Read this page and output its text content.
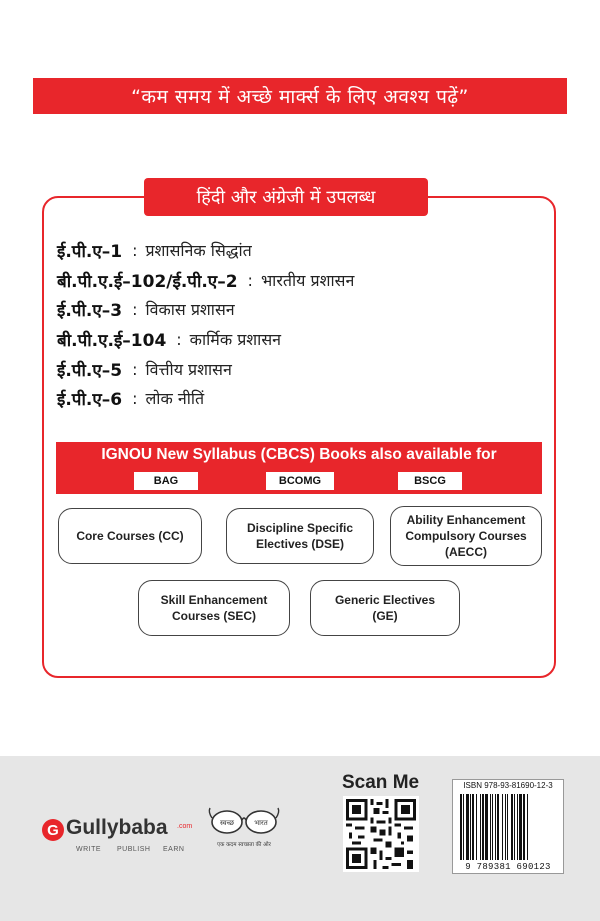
“कम समय में अच्छे मार्क्स के लिए अवश्य पढ़ें”
हिंदी और अंग्रेजी में उपलब्ध
ई.पी.ए–1 : प्रशासनिक सिद्धांत
बी.पी.ए.ई–102/ई.पी.ए–2 : भारतीय प्रशासन
ई.पी.ए–3 : विकास प्रशासन
बी.पी.ए.ई–104 : कार्मिक प्रशासन
ई.पी.ए–5 : वित्तीय प्रशासन
ई.पी.ए–6 : लोक नीतिं
IGNOU New Syllabus (CBCS) Books also available for
BAG	BCOMG	BSCG
Core Courses (CC)
Discipline Specific
Electives (DSE)
Ability Enhancement
Compulsory Courses
(AECC)
Skill Enhancement
Courses (SEC)
Generic Electives
(GE)
G Gullybaba .com
WRITE PUBLISH EARN
स्वच्छ	भारत
एक कदम स्वच्छता की ओर
Scan Me	ISBN 978-93-81690-12-3
9 789381 690123
